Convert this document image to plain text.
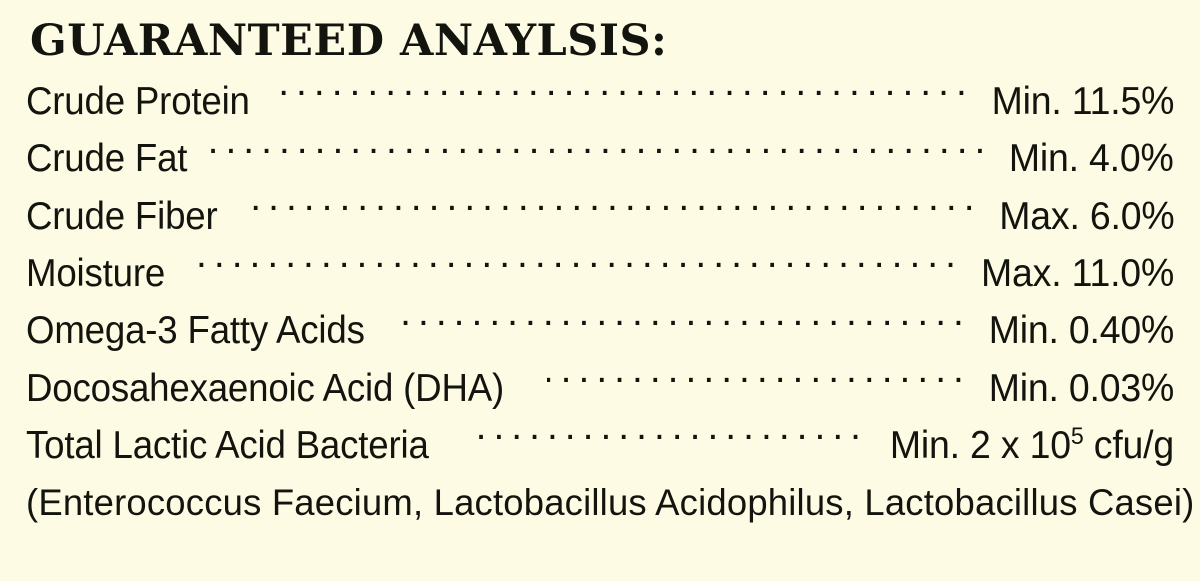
GUARANTEED ANAYLSIS:
Crude Protein .....	Min. 11.5%
Crude Fat .....	Min. 4.0%
Crude Fiber .....	Max. 6.0%
Moisture .....	Max. 11.0%
Omega-3 Fatty Acids .....	Min. 0.40%
Docosahexaenoic Acid (DHA) .....	Min. 0.03%
Total Lactic Acid Bacteria .....	Min. 2 x $10^5$ cfu/g
(Enterococcus Faecium, Lactobacillus Acidophilus, Lactobacillus Casei)
